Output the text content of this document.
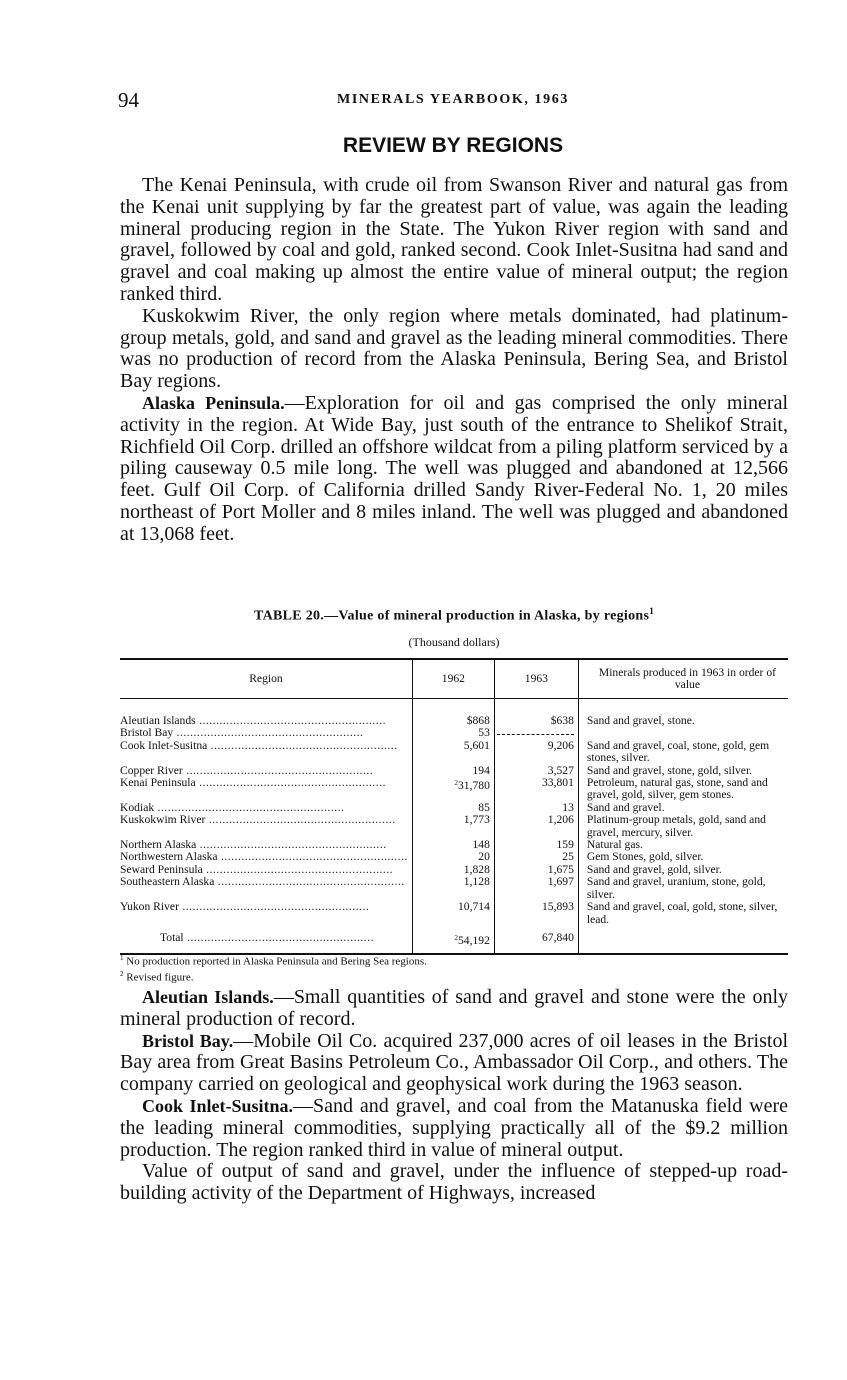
94	MINERALS YEARBOOK, 1963
REVIEW BY REGIONS

The Kenai Peninsula, with crude oil from Swanson River and natural gas from the Kenai unit supplying by far the greatest part of value, was again the leading mineral producing region in the State. The Yukon River region with sand and gravel, followed by coal and gold, ranked second. Cook Inlet-Susitna had sand and gravel and coal making up almost the entire value of mineral output; the region ranked third.

Kuskokwim River, the only region where metals dominated, had platinum-group metals, gold, and sand and gravel as the leading mineral commodities. There was no production of record from the Alaska Peninsula, Bering Sea, and Bristol Bay regions.

Alaska Peninsula.—Exploration for oil and gas comprised the only mineral activity in the region. At Wide Bay, just south of the entrance to Shelikof Strait, Richfield Oil Corp. drilled an offshore wildcat from a piling platform serviced by a piling causeway 0.5 mile long. The well was plugged and abandoned at 12,566 feet. Gulf Oil Corp. of California drilled Sandy River-Federal No. 1, 20 miles northeast of Port Moller and 8 miles inland. The well was plugged and abandoned at 13,068 feet.

TABLE 20.—Value of mineral production in Alaska, by regions$^1$
(Thousand dollars)
Region	1962	1963	Minerals produced in 1963 in order of value

Aleutian Islands .....	$868	$638	Sand and gravel, stone.

Bristol Bay .....	53		

Cook Inlet-Susitna .....	5,601	9,206	Sand and gravel, coal, stone, gold, gem stones, silver.

Copper River .....	194	3,527	Sand and gravel, stone, gold, silver.

Kenai Peninsula .....	$^2$31,780	33,801	Petroleum, natural gas, stone, sand and gravel, gold, silver, gem stones.

Kodiak .....	85	13	Sand and gravel.

Kuskokwim River .....	1,773	1,206	Platinum-group metals, gold, sand and gravel, mercury, silver.

Northern Alaska .....	148	159	Natural gas.

Northwestern Alaska .....	20	25	Gem Stones, gold, silver.

Seward Peninsula .....	1,828	1,675	Sand and gravel, gold, silver.

Southeastern Alaska .....	1,128	1,697	Sand and gravel, uranium, stone, gold, silver.

Yukon River .....	10,714	15,893	Sand and gravel, coal, gold, stone, silver, lead.

Total .....	$^2$54,192	67,840	
$^1$ No production reported in Alaska Peninsula and Bering Sea regions.
$^2$ Revised figure.

Aleutian Islands.—Small quantities of sand and gravel and stone were the only mineral production of record.

Bristol Bay.—Mobile Oil Co. acquired 237,000 acres of oil leases in the Bristol Bay area from Great Basins Petroleum Co., Ambassador Oil Corp., and others. The company carried on geological and geophysical work during the 1963 season.

Cook Inlet-Susitna.—Sand and gravel, and coal from the Matanuska field were the leading mineral commodities, supplying practically all of the $9.2 million production. The region ranked third in value of mineral output.

Value of output of sand and gravel, under the influence of stepped-up road-building activity of the Department of Highways, increased
